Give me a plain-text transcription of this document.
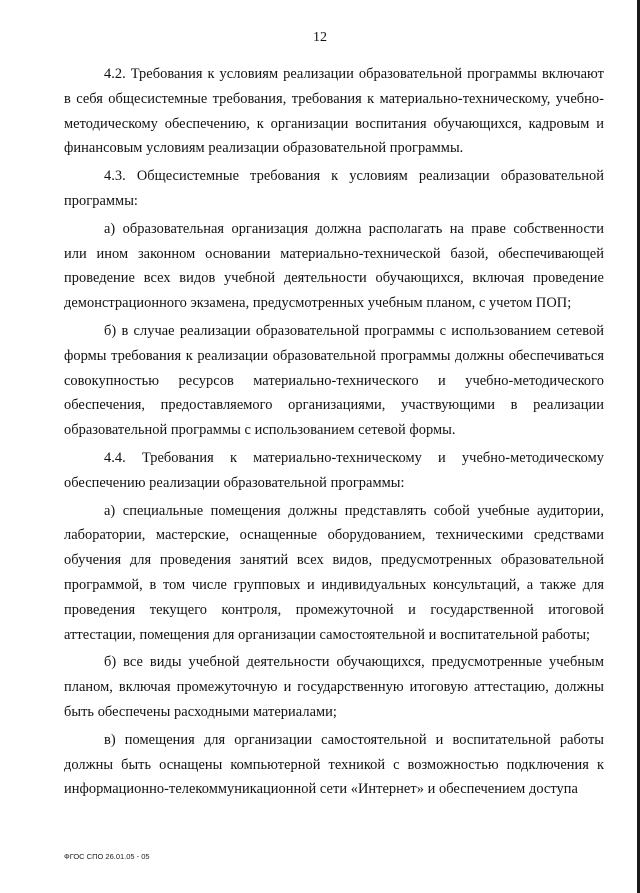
12

4.2. Требования к условиям реализации образовательной программы включают в себя общесистемные требования, требования к материально-техническому, учебно-методическому обеспечению, к организации воспитания обучающихся, кадровым и финансовым условиям реализации образовательной программы.

4.3. Общесистемные требования к условиям реализации образовательной программы:

а) образовательная организация должна располагать на праве собственности или ином законном основании материально-технической базой, обеспечивающей проведение всех видов учебной деятельности обучающихся, включая проведение демонстрационного экзамена, предусмотренных учебным планом, с учетом ПОП;

б) в случае реализации образовательной программы с использованием сетевой формы требования к реализации образовательной программы должны обеспечиваться совокупностью ресурсов материально-технического и учебно-методического обеспечения, предоставляемого организациями, участвующими в реализации образовательной программы с использованием сетевой формы.

4.4. Требования к материально-техническому и учебно-методическому обеспечению реализации образовательной программы:

а) специальные помещения должны представлять собой учебные аудитории, лаборатории, мастерские, оснащенные оборудованием, техническими средствами обучения для проведения занятий всех видов, предусмотренных образовательной программой, в том числе групповых и индивидуальных консультаций, а также для проведения текущего контроля, промежуточной и государственной итоговой аттестации, помещения для организации самостоятельной и воспитательной работы;

б) все виды учебной деятельности обучающихся, предусмотренные учебным планом, включая промежуточную и государственную итоговую аттестацию, должны быть обеспечены расходными материалами;

в) помещения для организации самостоятельной и воспитательной работы должны быть оснащены компьютерной техникой с возможностью подключения к информационно-телекоммуникационной сети «Интернет» и обеспечением доступа

ФГОС СПО 26.01.05 - 05
